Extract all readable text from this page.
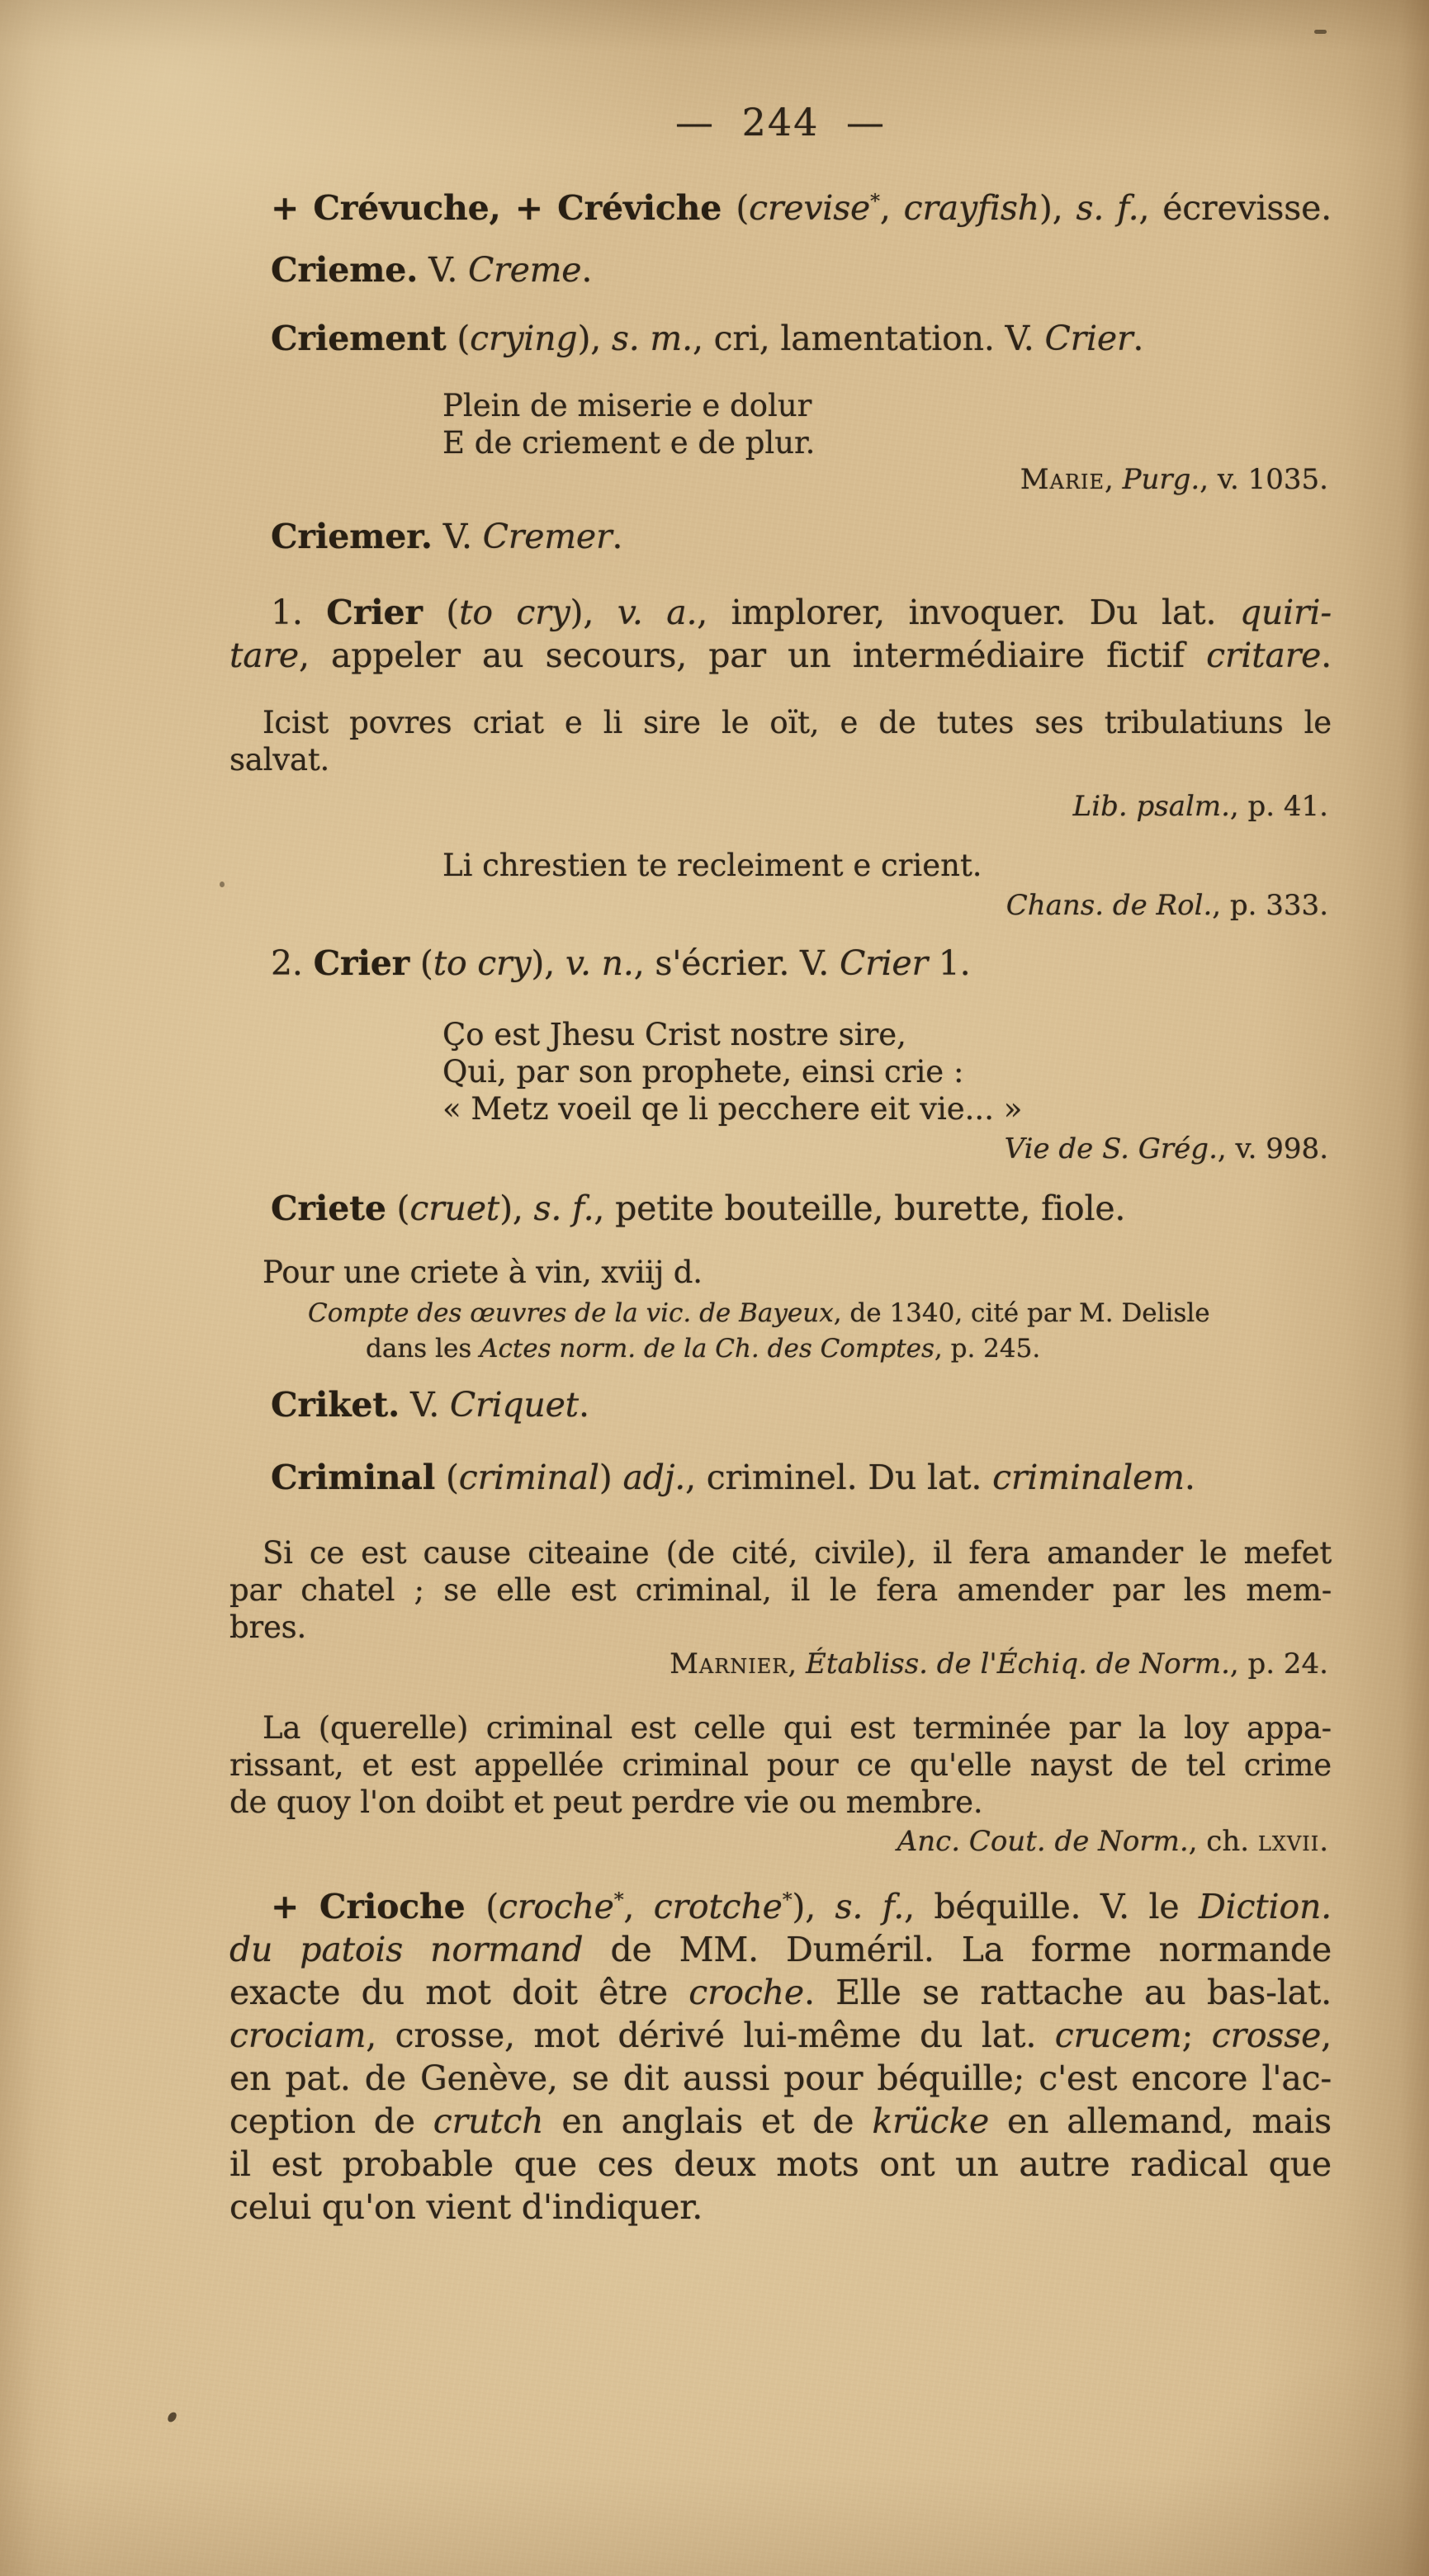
— 244 —
+ Crévuche, + Créviche (crevise*, crayfish), s. f., écrevisse.
Crieme. V. Creme.
Criement (crying), s. m., cri, lamentation. V. Crier.
Plein de miserie e dolur
E de criement e de plur.
Marie, Purg., v. 1035.
Criemer. V. Cremer.
1. Crier (to cry), v. a., implorer, invoquer. Du lat. quiri-
tare, appeler au secours, par un intermédiaire fictif critare.
Icist povres criat e li sire le oït, e de tutes ses tribulatiuns le
salvat.
Lib. psalm., p. 41.
Li chrestien te recleiment e crient.
Chans. de Rol., p. 333.
2. Crier (to cry), v. n., s'écrier. V. Crier 1.
Ço est Jhesu Crist nostre sire,
Qui, par son prophete, einsi crie :
« Metz voeil qe li pecchere eit vie... »
Vie de S. Grég., v. 998.
Criete (cruet), s. f., petite bouteille, burette, fiole.
Pour une criete à vin, xviij d.
Compte des œuvres de la vic. de Bayeux, de 1340, cité par M. Delisle
dans les Actes norm. de la Ch. des Comptes, p. 245.
Criket. V. Criquet.
Criminal (criminal) adj., criminel. Du lat. criminalem.
Si ce est cause citeaine (de cité, civile), il fera amander le mefet
par chatel ; se elle est criminal, il le fera amender par les mem-
bres.
Marnier, Établiss. de l'Échiq. de Norm., p. 24.
La (querelle) criminal est celle qui est terminée par la loy appa-
rissant, et est appellée criminal pour ce qu'elle nayst de tel crime
de quoy l'on doibt et peut perdre vie ou membre.
Anc. Cout. de Norm., ch. lxvii.
+ Crioche (croche*, crotche*), s. f., béquille. V. le Diction.
du patois normand de MM. Duméril. La forme normande
exacte du mot doit être croche. Elle se rattache au bas-lat.
crociam, crosse, mot dérivé lui-même du lat. crucem; crosse,
en pat. de Genève, se dit aussi pour béquille; c'est encore l'ac-
ception de crutch en anglais et de krücke en allemand, mais
il est probable que ces deux mots ont un autre radical que
celui qu'on vient d'indiquer.
